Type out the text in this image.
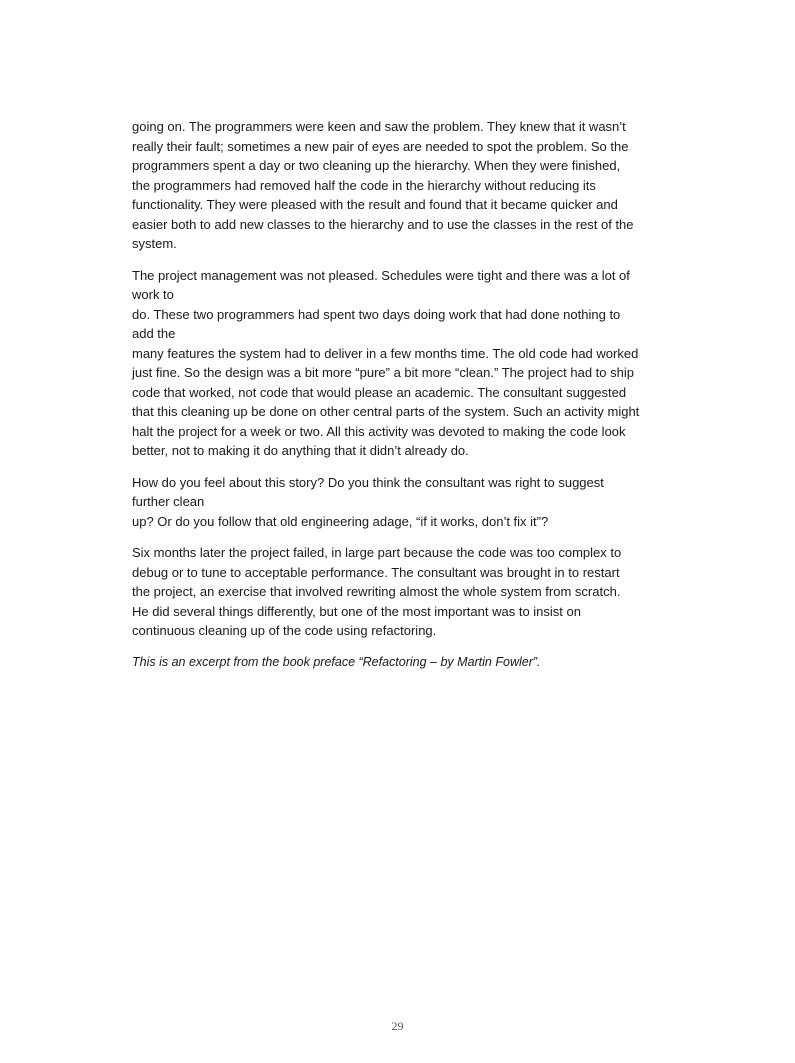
going on. The programmers were keen and saw the problem. They knew that it wasn’t
really their fault; sometimes a new pair of eyes are needed to spot the problem. So the
programmers spent a day or two cleaning up the hierarchy. When they were finished,
the programmers had removed half the code in the hierarchy without reducing its
functionality. They were pleased with the result and found that it became quicker and
easier both to add new classes to the hierarchy and to use the classes in the rest of the
system.

The project management was not pleased. Schedules were tight and there was a lot of
work to
do. These two programmers had spent two days doing work that had done nothing to
add the
many features the system had to deliver in a few months time. The old code had worked
just fine. So the design was a bit more “pure” a bit more “clean.” The project had to ship
code that worked, not code that would please an academic. The consultant suggested
that this cleaning up be done on other central parts of the system. Such an activity might
halt the project for a week or two. All this activity was devoted to making the code look
better, not to making it do anything that it didn’t already do.

How do you feel about this story? Do you think the consultant was right to suggest
further clean
up? Or do you follow that old engineering adage, “if it works, don’t fix it”?

Six months later the project failed, in large part because the code was too complex to
debug or to tune to acceptable performance. The consultant was brought in to restart
the project, an exercise that involved rewriting almost the whole system from scratch.
He did several things differently, but one of the most important was to insist on
continuous cleaning up of the code using refactoring.

This is an excerpt from the book preface “Refactoring – by Martin Fowler”.

29
